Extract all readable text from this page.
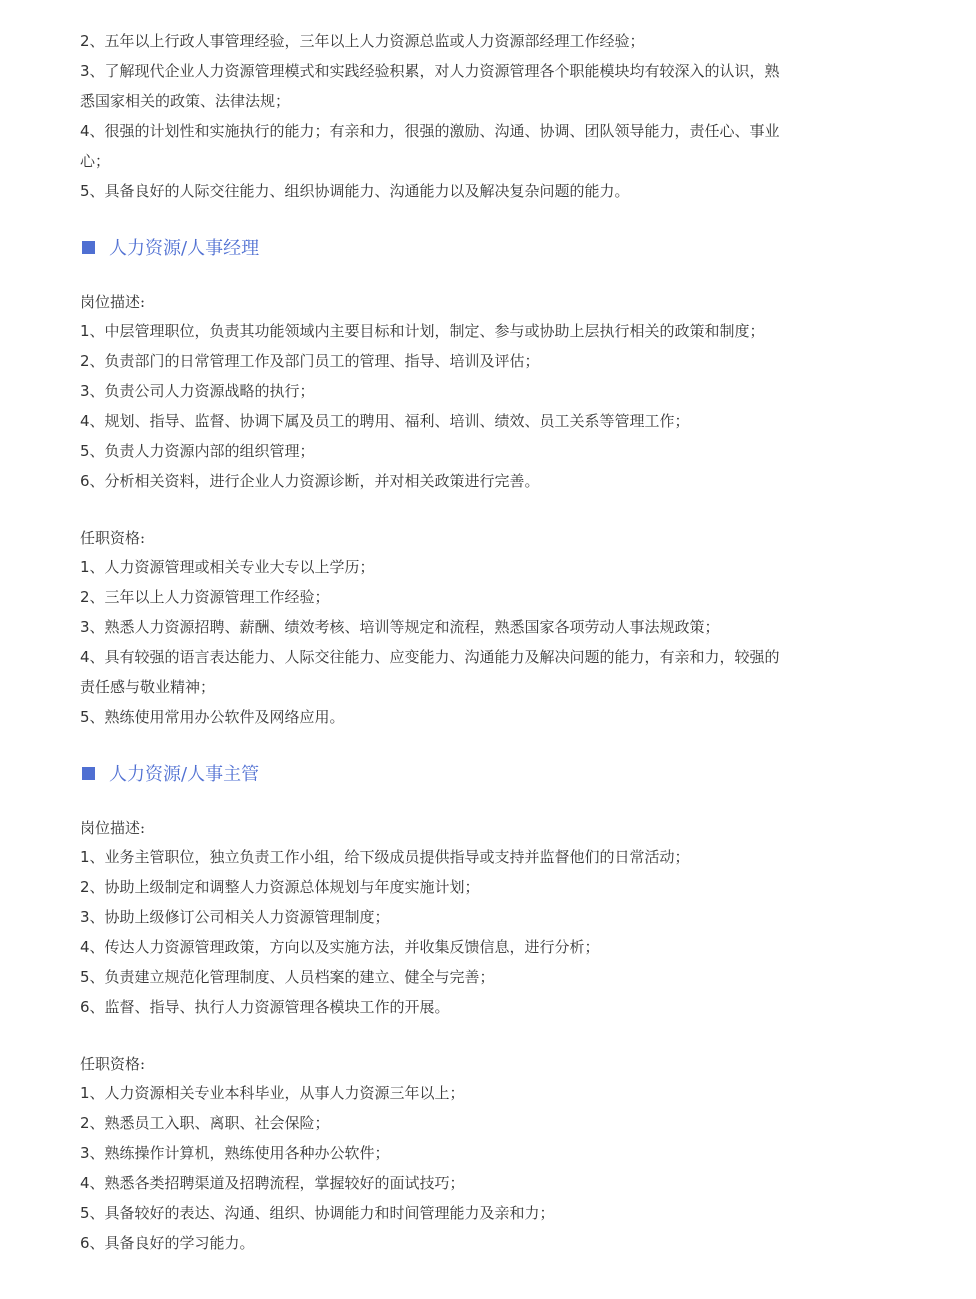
2、五年以上行政人事管理经验，三年以上人力资源总监或人力资源部经理工作经验；

3、了解现代企业人力资源管理模式和实践经验积累，对人力资源管理各个职能模块均有较深入的认识，熟

悉国家相关的政策、法律法规；

4、很强的计划性和实施执行的能力；有亲和力，很强的激励、沟通、协调、团队领导能力，责任心、事业

心；

5、具备良好的人际交往能力、组织协调能力、沟通能力以及解决复杂问题的能力。

人力资源/人事经理

岗位描述:

1、中层管理职位，负责其功能领域内主要目标和计划，制定、参与或协助上层执行相关的政策和制度；

2、负责部门的日常管理工作及部门员工的管理、指导、培训及评估；

3、负责公司人力资源战略的执行；

4、规划、指导、监督、协调下属及员工的聘用、福利、培训、绩效、员工关系等管理工作；

5、负责人力资源内部的组织管理；

6、分析相关资料，进行企业人力资源诊断，并对相关政策进行完善。

任职资格:

1、人力资源管理或相关专业大专以上学历；

2、三年以上人力资源管理工作经验；

3、熟悉人力资源招聘、薪酬、绩效考核、培训等规定和流程，熟悉国家各项劳动人事法规政策；

4、具有较强的语言表达能力、人际交往能力、应变能力、沟通能力及解决问题的能力，有亲和力，较强的

责任感与敬业精神；

5、熟练使用常用办公软件及网络应用。

人力资源/人事主管

岗位描述:

1、业务主管职位，独立负责工作小组，给下级成员提供指导或支持并监督他们的日常活动；

2、协助上级制定和调整人力资源总体规划与年度实施计划；

3、协助上级修订公司相关人力资源管理制度；

4、传达人力资源管理政策，方向以及实施方法，并收集反馈信息，进行分析；

5、负责建立规范化管理制度、人员档案的建立、健全与完善；

6、监督、指导、执行人力资源管理各模块工作的开展。

任职资格:

1、人力资源相关专业本科毕业，从事人力资源三年以上；

2、熟悉员工入职、离职、社会保险；

3、熟练操作计算机，熟练使用各种办公软件；

4、熟悉各类招聘渠道及招聘流程，掌握较好的面试技巧；

5、具备较好的表达、沟通、组织、协调能力和时间管理能力及亲和力；

6、具备良好的学习能力。
